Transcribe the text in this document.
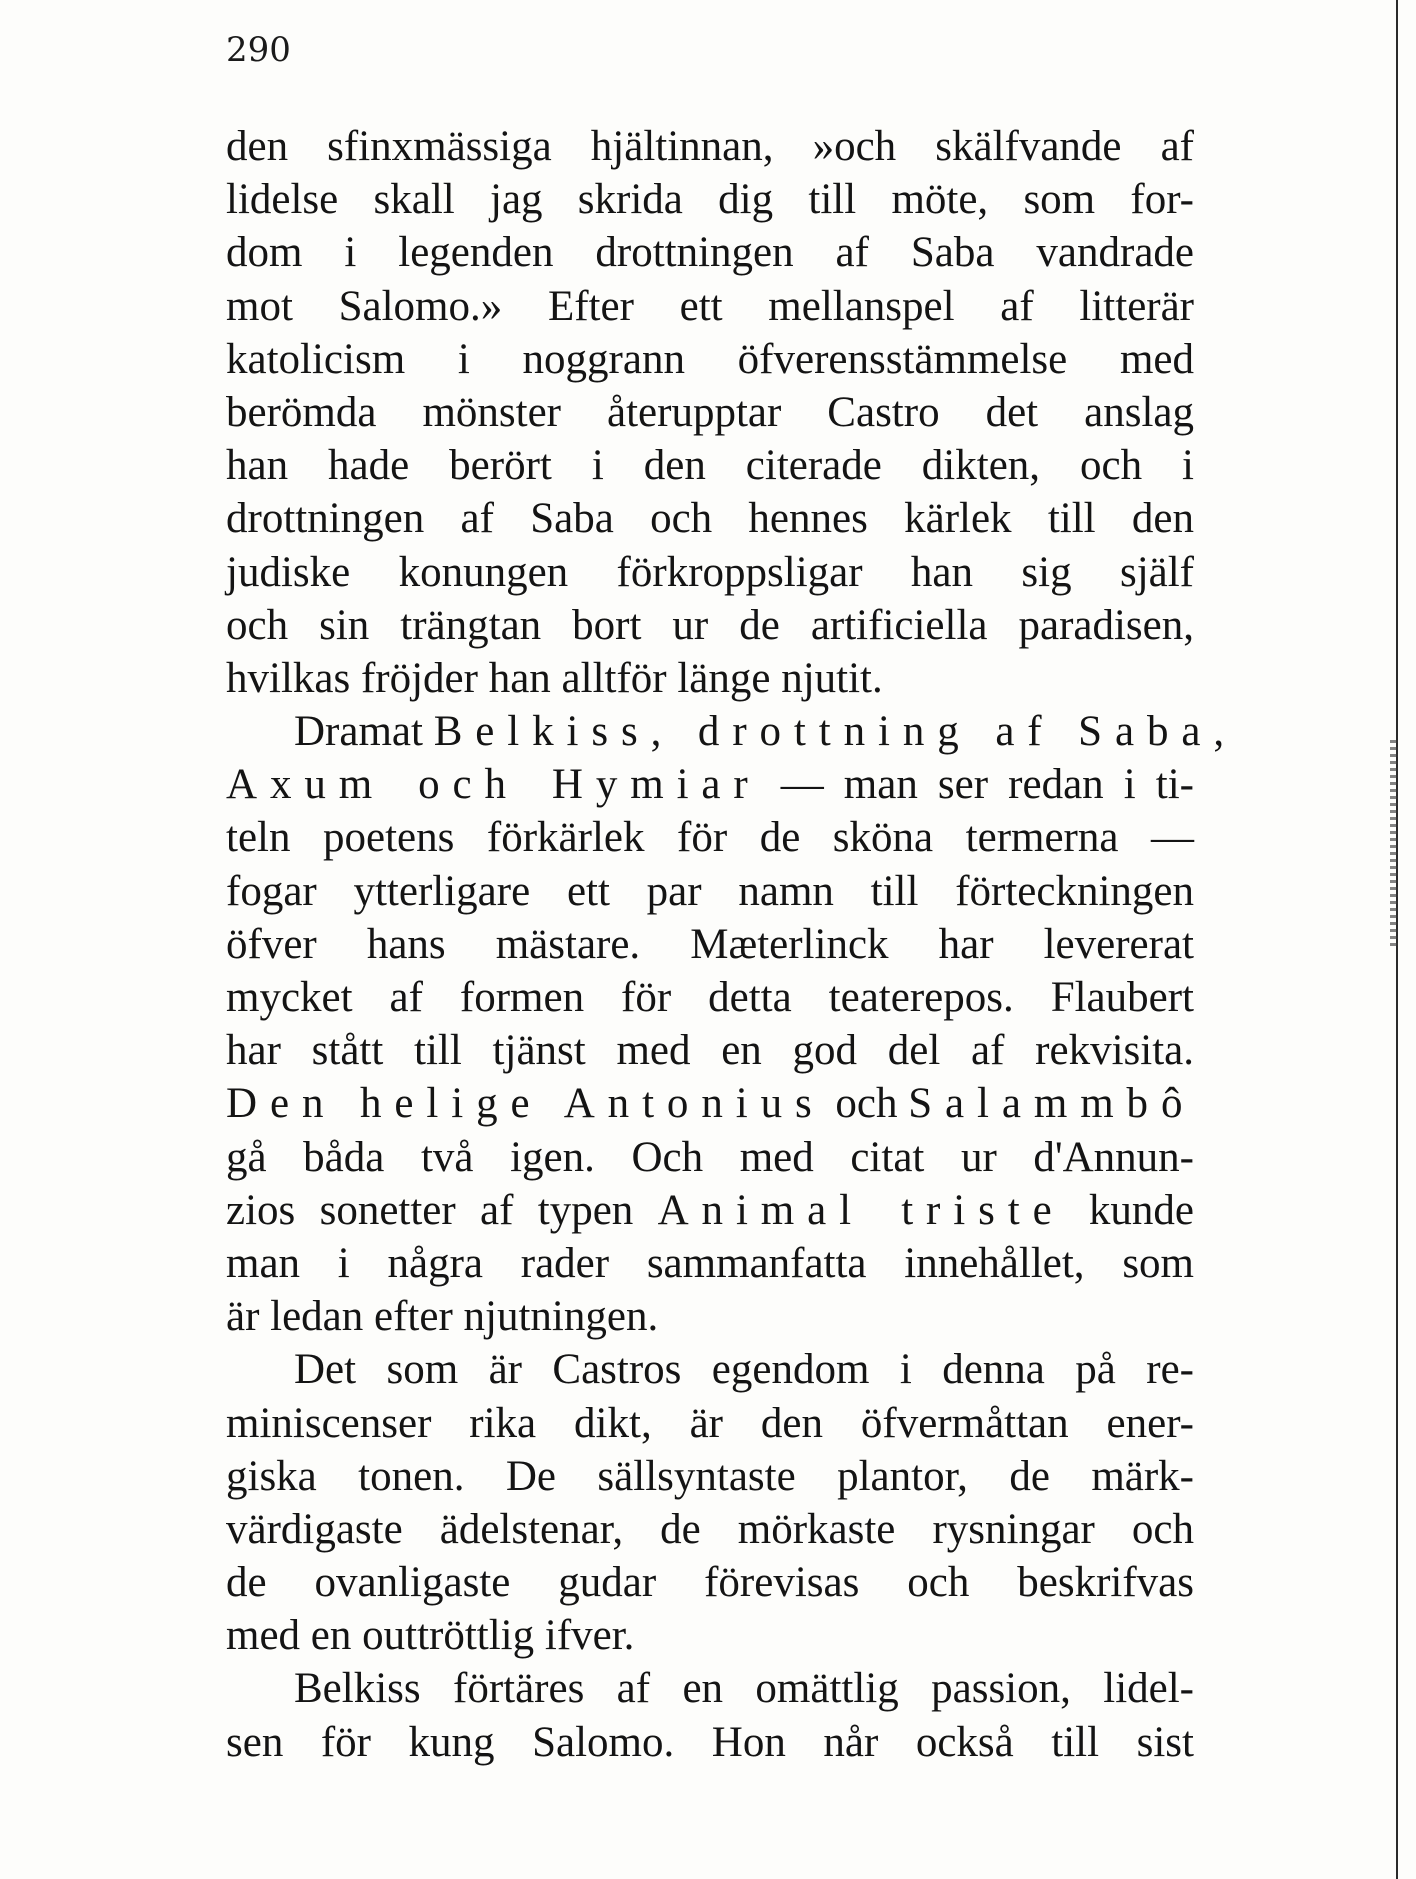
290
den sfinxmässiga hjältinnan, »och skälfvande af
lidelse skall jag skrida dig till möte, som for-
dom i legenden drottningen af Saba vandrade
mot Salomo.» Efter ett mellanspel af litterär
katolicism i noggrann öfverensstämmelse med
berömda mönster återupptar Castro det anslag
han hade berört i den citerade dikten, och i
drottningen af Saba och hennes kärlek till den
judiske konungen förkroppsligar han sig själf
och sin trängtan bort ur de artificiella paradisen,
hvilkas fröjder han alltför länge njutit.
Dramat Belkiss, drottning af Saba,
Axum och Hymiar — man ser redan i ti-
teln poetens förkärlek för de sköna termerna —
fogar ytterligare ett par namn till förteckningen
öfver hans mästare. Mæterlinck har levererat
mycket af formen för detta teaterepos. Flaubert
har stått till tjänst med en god del af rekvisita.
Den helige Antonius och Salammbô
gå båda två igen. Och med citat ur d'Annun-
zios sonetter af typen Animal triste kunde
man i några rader sammanfatta innehållet, som
är ledan efter njutningen.
Det som är Castros egendom i denna på re-
miniscenser rika dikt, är den öfvermåttan ener-
giska tonen. De sällsyntaste plantor, de märk-
värdigaste ädelstenar, de mörkaste rysningar och
de ovanligaste gudar förevisas och beskrifvas
med en outtröttlig ifver.
Belkiss förtäres af en omättlig passion, lidel-
sen för kung Salomo. Hon når också till sist
